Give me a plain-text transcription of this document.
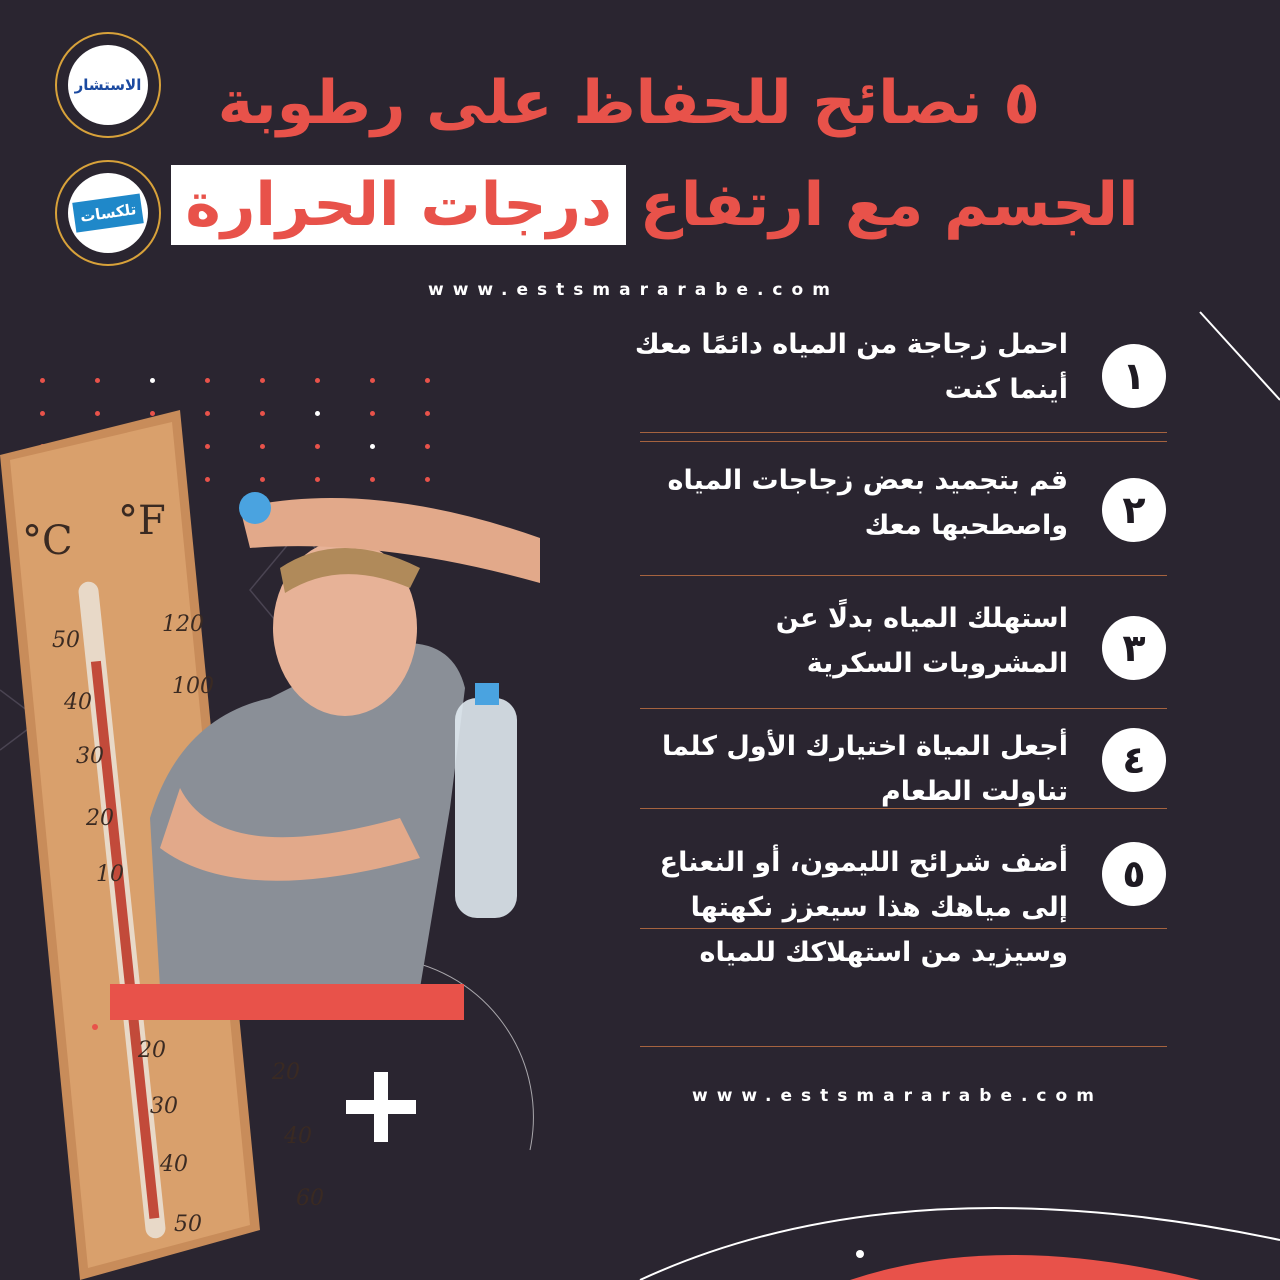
الاستشار
تلكسات
٥ نصائح للحفاظ على رطوبة
الجسم مع ارتفاع
درجات الحرارة
www.estsmararabe.com
°C °F
50
40
30
20
10
120
100
20
30
40
50
20
40
60
١
احمل زجاجة من المياه دائمًا معك أينما كنت
٢
قم بتجميد بعض زجاجات المياه واصطحبها معك
٣
استهلك المياه بدلًا عن المشروبات السكرية
٤
أجعل المياة اختيارك الأول كلما تناولت الطعام
٥
أضف شرائح الليمون، أو النعناع إلى مياهك هذا سيعزز نكهتها وسيزيد من استهلاكك للمياه
www.estsmararabe.com
